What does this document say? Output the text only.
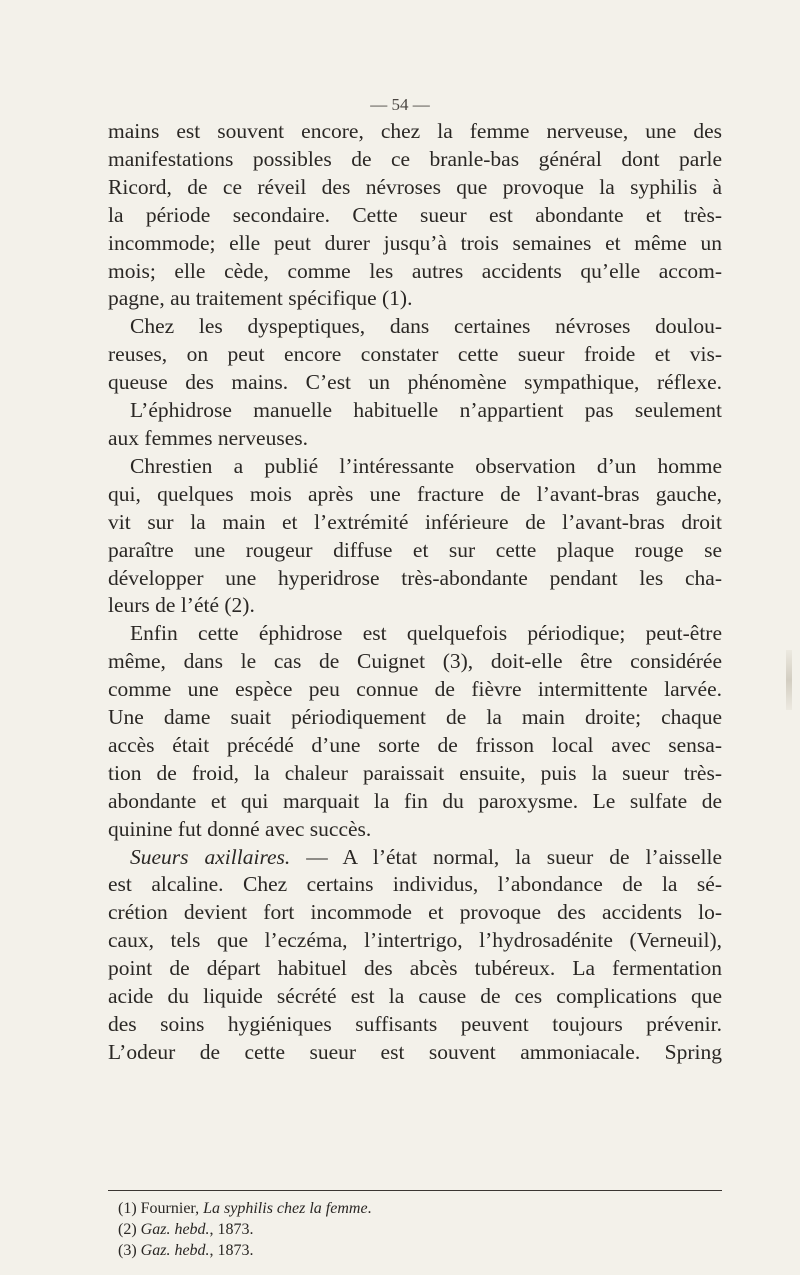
— 54 —
mains est souvent encore, chez la femme nerveuse, une des
manifestations possibles de ce branle-bas général dont parle
Ricord, de ce réveil des névroses que provoque la syphilis à
la période secondaire. Cette sueur est abondante et très-
incommode; elle peut durer jusqu’à trois semaines et même un
mois; elle cède, comme les autres accidents qu’elle accom-
pagne, au traitement spécifique (1).
Chez les dyspeptiques, dans certaines névroses doulou-
reuses, on peut encore constater cette sueur froide et vis-
queuse des mains. C’est un phénomène sympathique, réflexe.
L’éphidrose manuelle habituelle n’appartient pas seulement
aux femmes nerveuses.
Chrestien a publié l’intéressante observation d’un homme
qui, quelques mois après une fracture de l’avant-bras gauche,
vit sur la main et l’extrémité inférieure de l’avant-bras droit
paraître une rougeur diffuse et sur cette plaque rouge se
développer une hyperidrose très-abondante pendant les cha-
leurs de l’été (2).
Enfin cette éphidrose est quelquefois périodique; peut-être
même, dans le cas de Cuignet (3), doit-elle être considérée
comme une espèce peu connue de fièvre intermittente larvée.
Une dame suait périodiquement de la main droite; chaque
accès était précédé d’une sorte de frisson local avec sensa-
tion de froid, la chaleur paraissait ensuite, puis la sueur très-
abondante et qui marquait la fin du paroxysme. Le sulfate de
quinine fut donné avec succès.
Sueurs axillaires. — A l’état normal, la sueur de l’aisselle
est alcaline. Chez certains individus, l’abondance de la sé-
crétion devient fort incommode et provoque des accidents lo-
caux, tels que l’eczéma, l’intertrigo, l’hydrosadénite (Verneuil),
point de départ habituel des abcès tubéreux. La fermentation
acide du liquide sécrété est la cause de ces complications que
des soins hygiéniques suffisants peuvent toujours prévenir.
L’odeur de cette sueur est souvent ammoniacale. Spring
(1) Fournier, La syphilis chez la femme.
(2) Gaz. hebd., 1873.
(3) Gaz. hebd., 1873.
